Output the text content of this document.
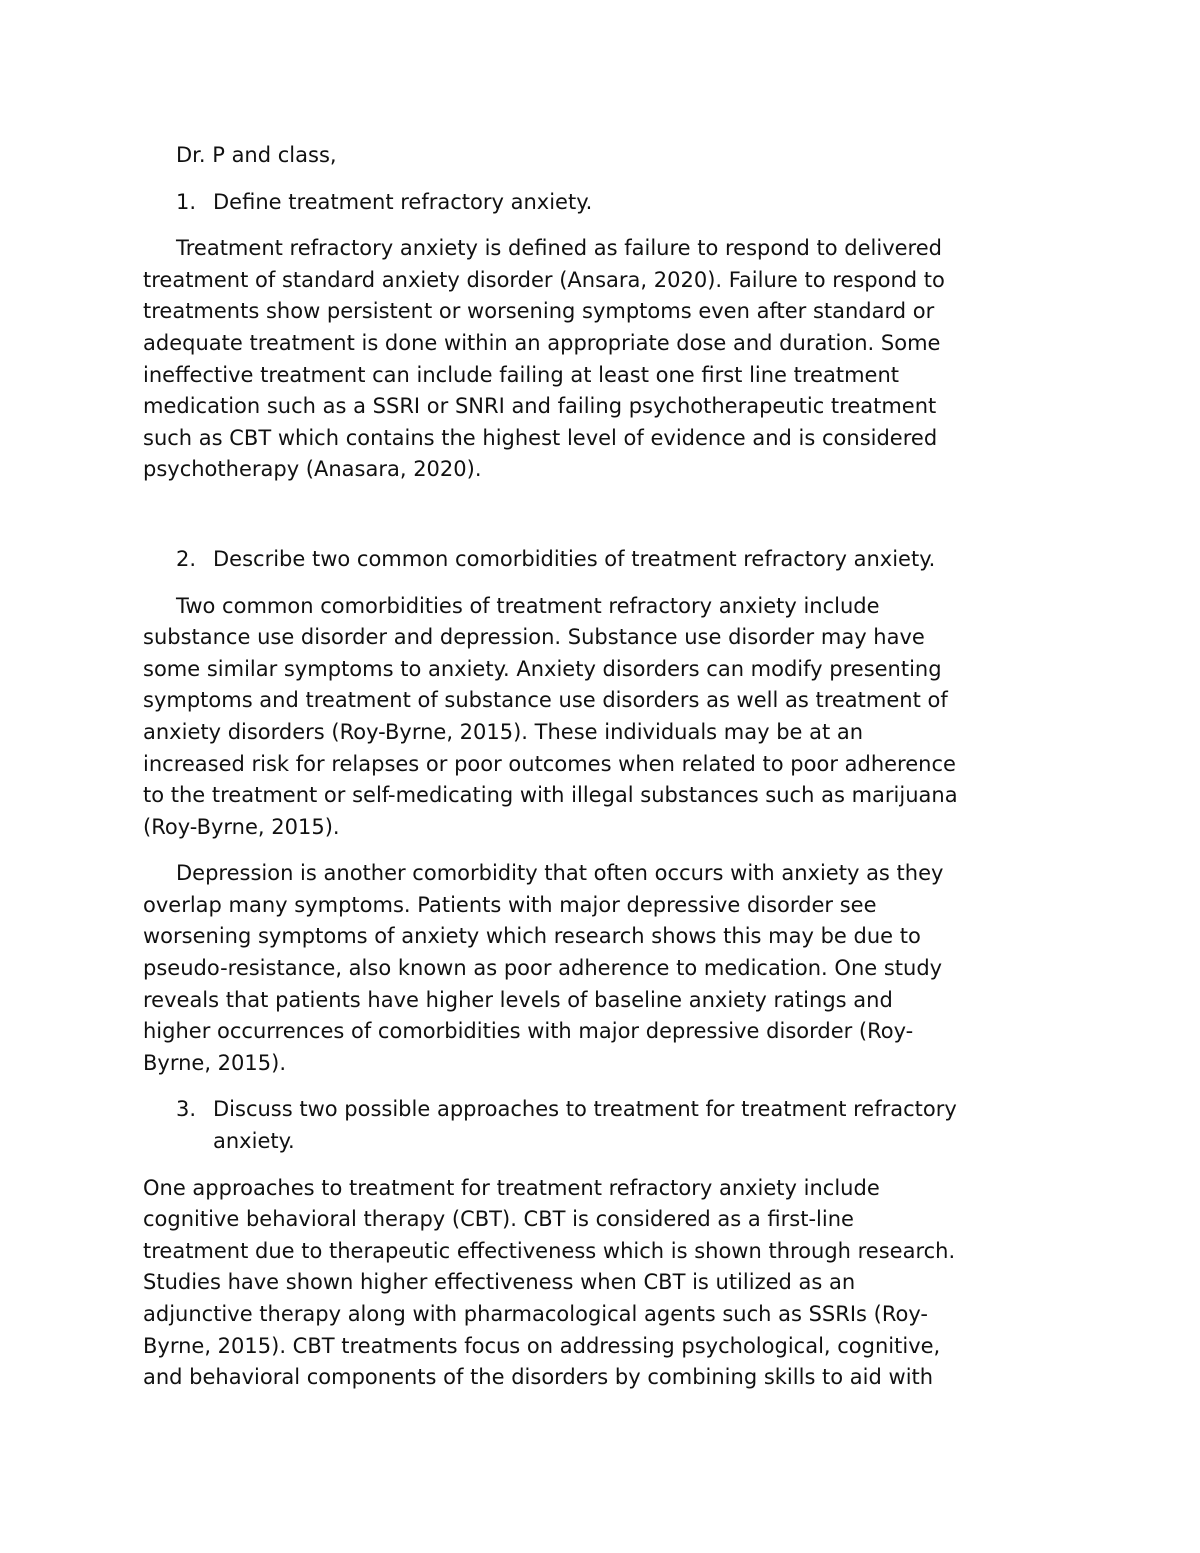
Dr. P and class,
1. Define treatment refractory anxiety.
Treatment refractory anxiety is defined as failure to respond to delivered
treatment of standard anxiety disorder (Ansara, 2020). Failure to respond to
treatments show persistent or worsening symptoms even after standard or
adequate treatment is done within an appropriate dose and duration. Some
ineffective treatment can include failing at least one first line treatment
medication such as a SSRI or SNRI and failing psychotherapeutic treatment
such as CBT which contains the highest level of evidence and is considered
psychotherapy (Anasara, 2020).
2. Describe two common comorbidities of treatment refractory anxiety.
Two common comorbidities of treatment refractory anxiety include
substance use disorder and depression. Substance use disorder may have
some similar symptoms to anxiety. Anxiety disorders can modify presenting
symptoms and treatment of substance use disorders as well as treatment of
anxiety disorders (Roy-Byrne, 2015). These individuals may be at an
increased risk for relapses or poor outcomes when related to poor adherence
to the treatment or self-medicating with illegal substances such as marijuana
(Roy-Byrne, 2015).
Depression is another comorbidity that often occurs with anxiety as they
overlap many symptoms. Patients with major depressive disorder see
worsening symptoms of anxiety which research shows this may be due to
pseudo-resistance, also known as poor adherence to medication. One study
reveals that patients have higher levels of baseline anxiety ratings and
higher occurrences of comorbidities with major depressive disorder (Roy-
Byrne, 2015).
3. Discuss two possible approaches to treatment for treatment refractory
anxiety.
One approaches to treatment for treatment refractory anxiety include
cognitive behavioral therapy (CBT). CBT is considered as a first-line
treatment due to therapeutic effectiveness which is shown through research.
Studies have shown higher effectiveness when CBT is utilized as an
adjunctive therapy along with pharmacological agents such as SSRIs (Roy-
Byrne, 2015). CBT treatments focus on addressing psychological, cognitive,
and behavioral components of the disorders by combining skills to aid with
